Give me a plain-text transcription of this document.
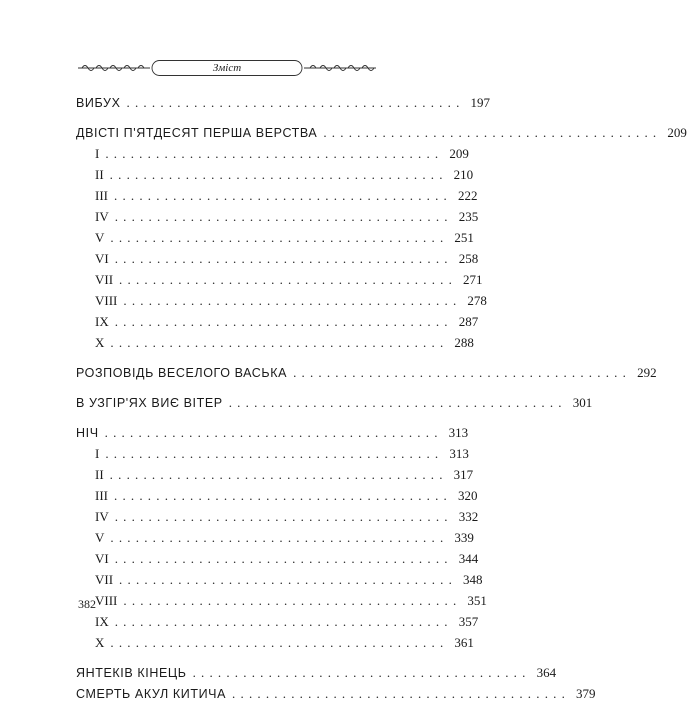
Зміст
ВИБУХ ........................................ 197
ДВІСТІ П'ЯТДЕСЯТ ПЕРША ВЕРСТВА ........................................ 209
I ........................................ 209
II ........................................ 210
III ........................................ 222
IV ........................................ 235
V ........................................ 251
VI ........................................ 258
VII ........................................ 271
VIII ........................................ 278
IX ........................................ 287
X ........................................ 288
РОЗПОВІДЬ ВЕСЕЛОГО ВАСЬКА ........................................ 292
В УЗГІР'ЯХ ВИЄ ВІТЕР ........................................ 301
НІЧ ........................................ 313
I ........................................ 313
II ........................................ 317
III ........................................ 320
IV ........................................ 332
V ........................................ 339
VI ........................................ 344
VII ........................................ 348
VIII ........................................ 351
IX ........................................ 357
X ........................................ 361
ЯНТЕКІВ КІНЕЦЬ ........................................ 364
СМЕРТЬ АКУЛ КИТИЧА ........................................ 379
382
